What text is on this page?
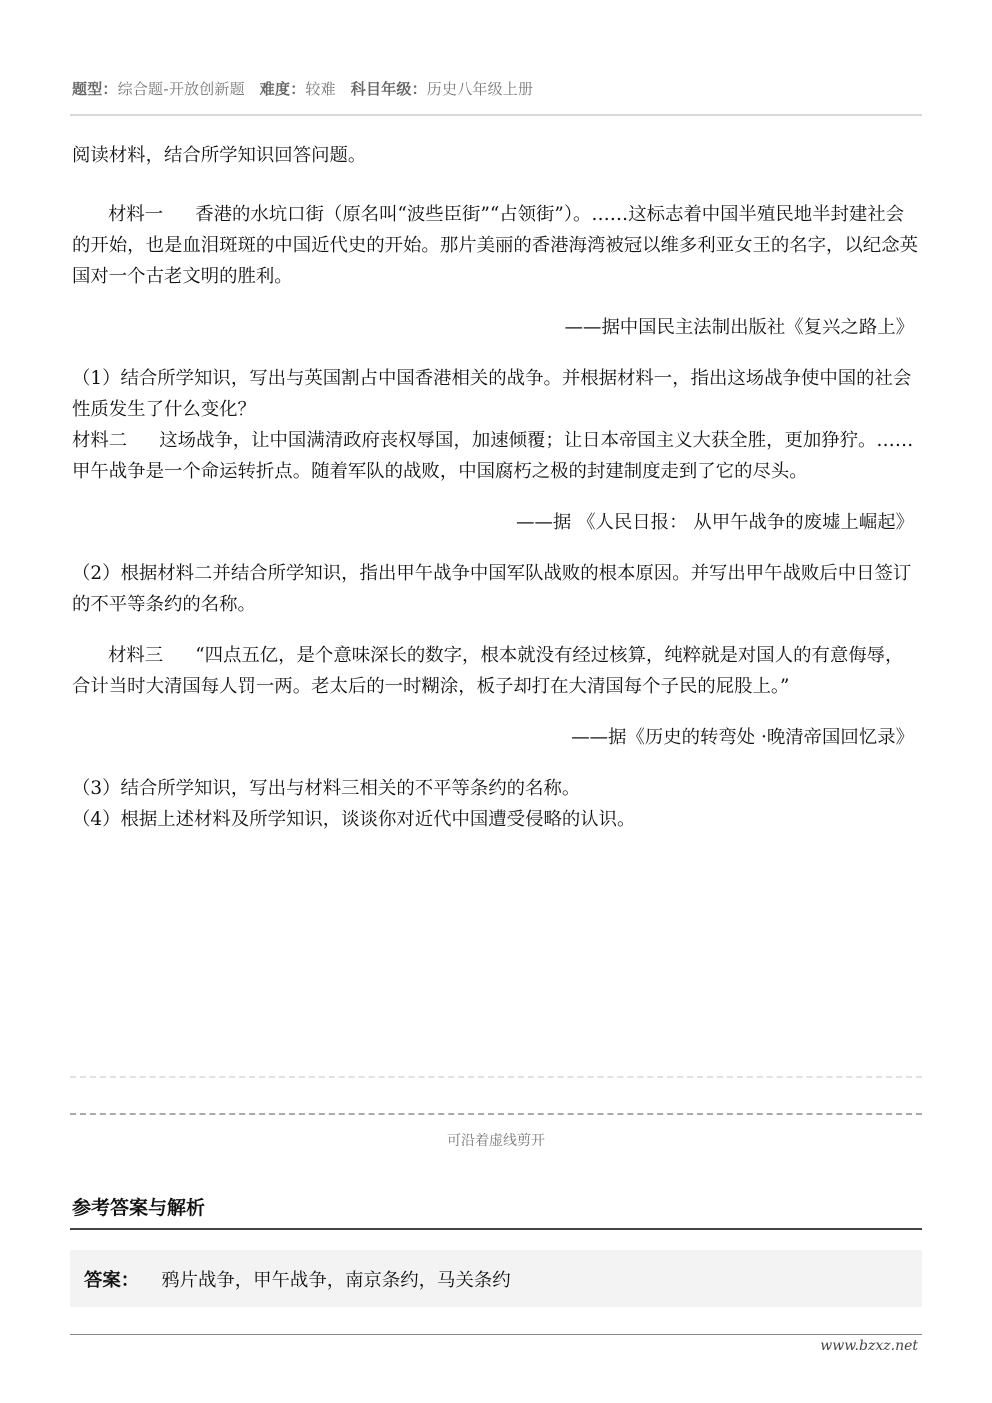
题型：综合题-开放创新题 难度：较难 科目年级：历史八年级上册

阅读材料，结合所学知识回答问题。

材料一 香港的水坑口街（原名叫“波些臣街”“占领街”）。……这标志着中国半殖民地半封建社会的开始，也是血泪斑斑的中国近代史的开始。那片美丽的香港海湾被冠以维多利亚女王的名字，以纪念英国对一个古老文明的胜利。

——据中国民主法制出版社《复兴之路上》

（1）结合所学知识，写出与英国割占中国香港相关的战争。并根据材料一，指出这场战争使中国的社会性质发生了什么变化？

材料二 这场战争，让中国满清政府丧权辱国，加速倾覆；让日本帝国主义大获全胜，更加狰狞。……甲午战争是一个命运转折点。随着军队的战败，中国腐朽之极的封建制度走到了它的尽头。

——据 《人民日报： 从甲午战争的废墟上崛起》

（2）根据材料二并结合所学知识，指出甲午战争中国军队战败的根本原因。并写出甲午战败后中日签订的不平等条约的名称。

材料三 “四点五亿，是个意味深长的数字，根本就没有经过核算，纯粹就是对国人的有意侮辱，合计当时大清国每人罚一两。老太后的一时糊涂，板子却打在大清国每个子民的屁股上。”

——据《历史的转弯处 ·晚清帝国回忆录》

（3）结合所学知识，写出与材料三相关的不平等条约的名称。

（4）根据上述材料及所学知识，谈谈你对近代中国遭受侵略的认识。

可沿着虚线剪开
参考答案与解析
答案： 鸦片战争，甲午战争，南京条约，马关条约
www.bzxz.net
